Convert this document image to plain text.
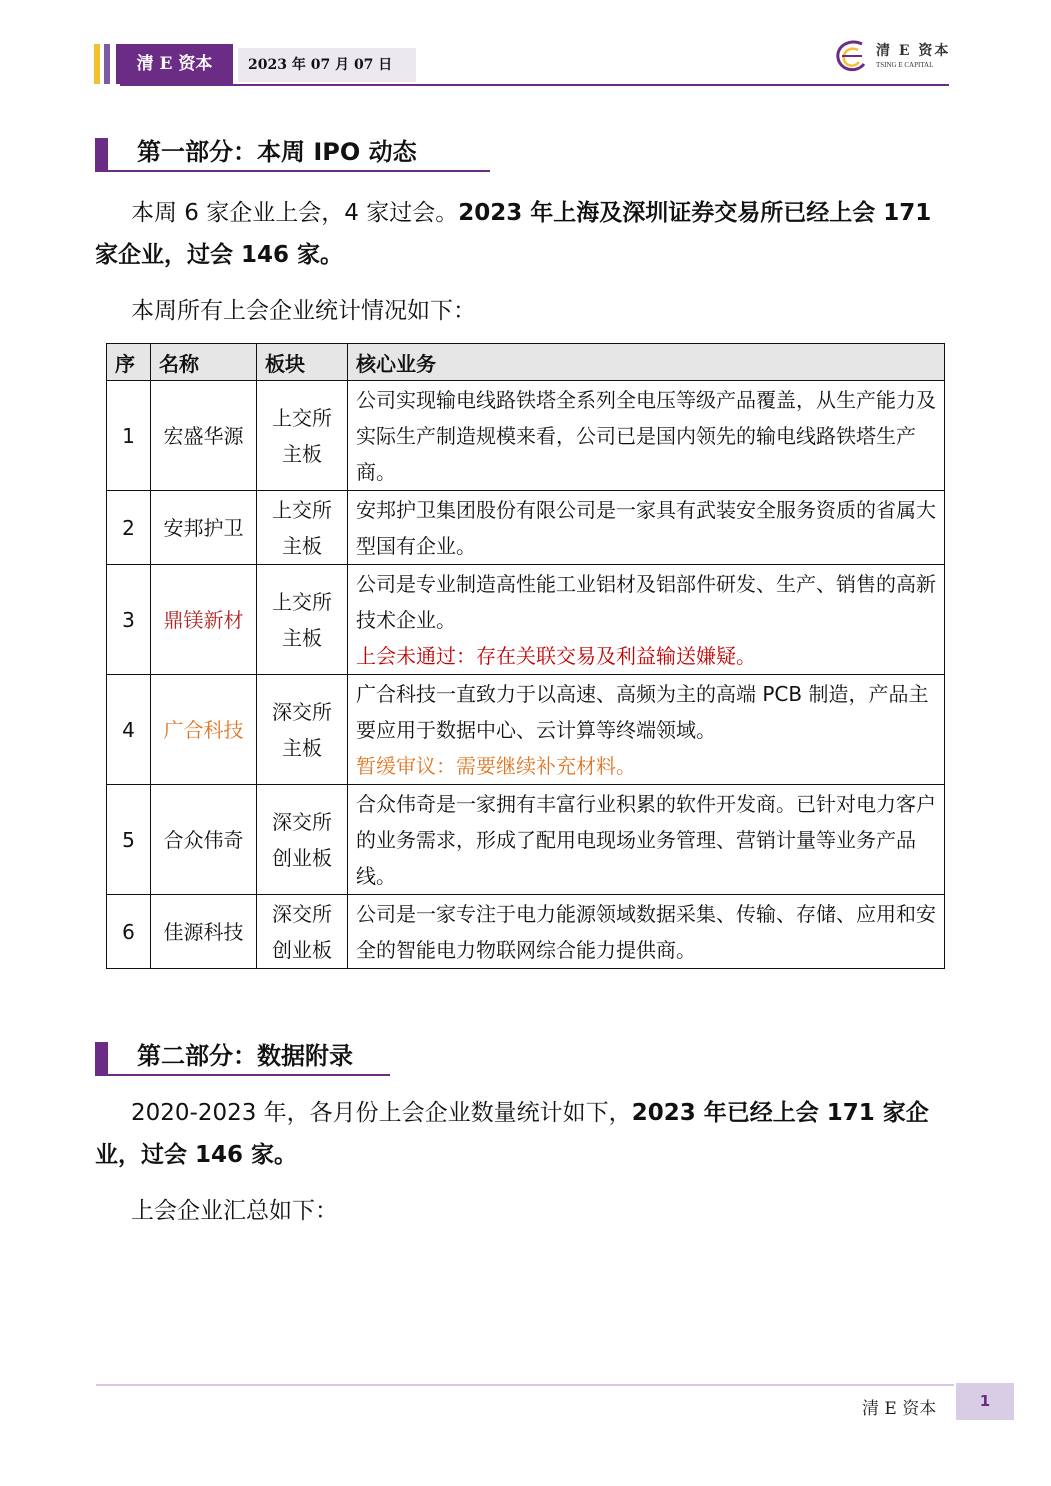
清 E 资本	2023 年 07 月 07 日
清 E 资本
TSING E CAPITAL
第一部分：本周 IPO 动态

本周 6 家企业上会，4 家过会。2023 年上海及深圳证券交易所已经上会 171 家企业，过会 146 家。

本周所有上会企业统计情况如下：

序	名称	板块	核心业务
1	宏盛华源	上交所主板	公司实现输电线路铁塔全系列全电压等级产品覆盖，从生产能力及实际生产制造规模来看，公司已是国内领先的输电线路铁塔生产商。
2	安邦护卫	上交所主板	安邦护卫集团股份有限公司是一家具有武装安全服务资质的省属大型国有企业。
3	鼎镁新材	上交所主板	公司是专业制造高性能工业铝材及铝部件研发、生产、销售的高新技术企业。
上会未通过：存在关联交易及利益输送嫌疑。

4	广合科技	深交所主板	广合科技一直致力于以高速、高频为主的高端 PCB 制造，产品主要应用于数据中心、云计算等终端领域。
暂缓审议：需要继续补充材料。

5	合众伟奇	深交所创业板	合众伟奇是一家拥有丰富行业积累的软件开发商。已针对电力客户的业务需求，形成了配用电现场业务管理、营销计量等业务产品线。
6	佳源科技	深交所创业板	公司是一家专注于电力能源领域数据采集、传输、存储、应用和安全的智能电力物联网综合能力提供商。
第二部分：数据附录

2020-2023 年，各月份上会企业数量统计如下，2023 年已经上会 171 家企业，过会 146 家。

上会企业汇总如下：

清 E 资本	1
